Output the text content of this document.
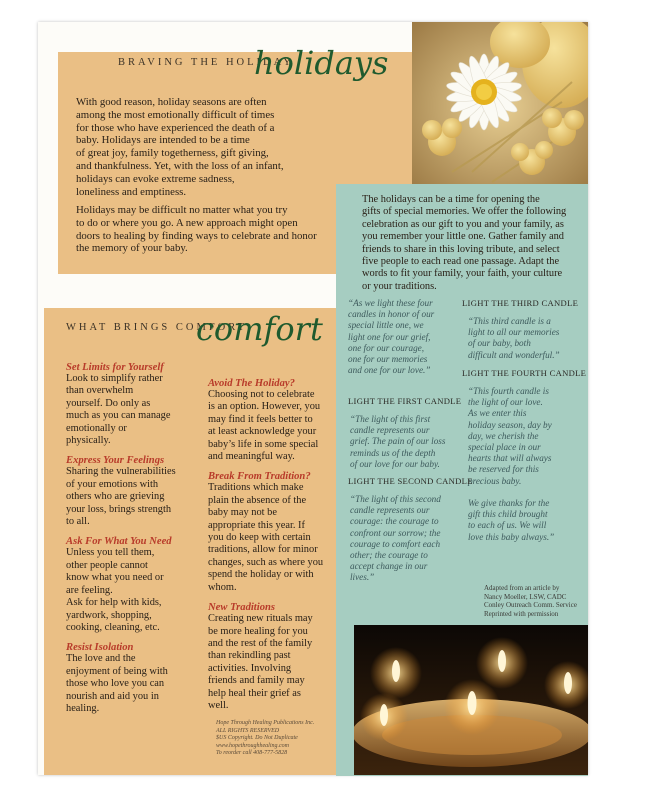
BRAVING THE HOLIDAY
holidays
With good reason, holiday seasons are often
among the most emotionally difficult of times
for those who have experienced the death of a
baby. Holidays are intended to be a time
of great joy, family togetherness, gift giving,
and thankfulness. Yet, with the loss of an infant,
holidays can evoke extreme sadness,
loneliness and emptiness.
Holidays may be difficult no matter what you try
to do or where you go. A new approach might open
doors to healing by finding ways to celebrate and honor
the memory of your baby.
The holidays can be a time for opening the
gifts of special memories. We offer the following
celebration as our gift to you and your family, as
you remember your little one. Gather family and
friends to share in this loving tribute, and select
five people to each read one passage. Adapt the
words to fit your family, your faith, your culture
or your traditions.
“As we light these four
candles in honor of our
special little one, we
light one for our grief,
one for our courage,
one for our memories
and one for our love.”
LIGHT THE THIRD CANDLE
“This third candle is a
light to all our memories
of our baby, both
difficult and wonderful.”
LIGHT THE FOURTH CANDLE
“This fourth candle is
the light of our love.
As we enter this
holiday season, day by
day, we cherish the
special place in our
hearts that will always
be reserved for this
precious baby.
We give thanks for the
gift this child brought
to each of us. We will
love this baby always.”
LIGHT THE FIRST CANDLE
“The light of this first
candle represents our
grief. The pain of our loss
reminds us of the depth
of our love for our baby.
LIGHT THE SECOND CANDLE
“The light of this second
candle represents our
courage: the courage to
confront our sorrow; the
courage to comfort each
other; the courage to
accept change in our
lives.”
Adapted from an article by
Nancy Moeller, LSW, CADC
Conley Outreach Comm. Service
Reprinted with permission
WHAT BRINGS COMFORT
comfort
Set Limits for Yourself
Look to simplify rather
than overwhelm
yourself. Do only as
much as you can manage
emotionally or
physically.
Express Your Feelings
Sharing the vulnerabilities
of your emotions with
others who are grieving
your loss, brings strength
to all.
Ask For What You Need
Unless you tell them,
other people cannot
know what you need or
are feeling.
Ask for help with kids,
yardwork, shopping,
cooking, cleaning, etc.
Resist Isolation
The love and the
enjoyment of being with
those who love you can
nourish and aid you in
healing.
Avoid The Holiday?
Choosing not to celebrate
is an option. However, you
may find it feels better to
at least acknowledge your
baby’s life in some special
and meaningful way.
Break From Tradition?
Traditions which make
plain the absence of the
baby may not be
appropriate this year. If
you do keep with certain
traditions, allow for minor
changes, such as where you
spend the holiday or with
whom.
New Traditions
Creating new rituals may
be more healing for you
and the rest of the family
than rekindling past
activities. Involving
friends and family may
help heal their grief as
well.
Hope Through Healing Publications Inc.
ALL RIGHTS RESERVED
$US Copyright. Do Not Duplicate
www.hopethroughhealing.com
To reorder call 408-777-5828
